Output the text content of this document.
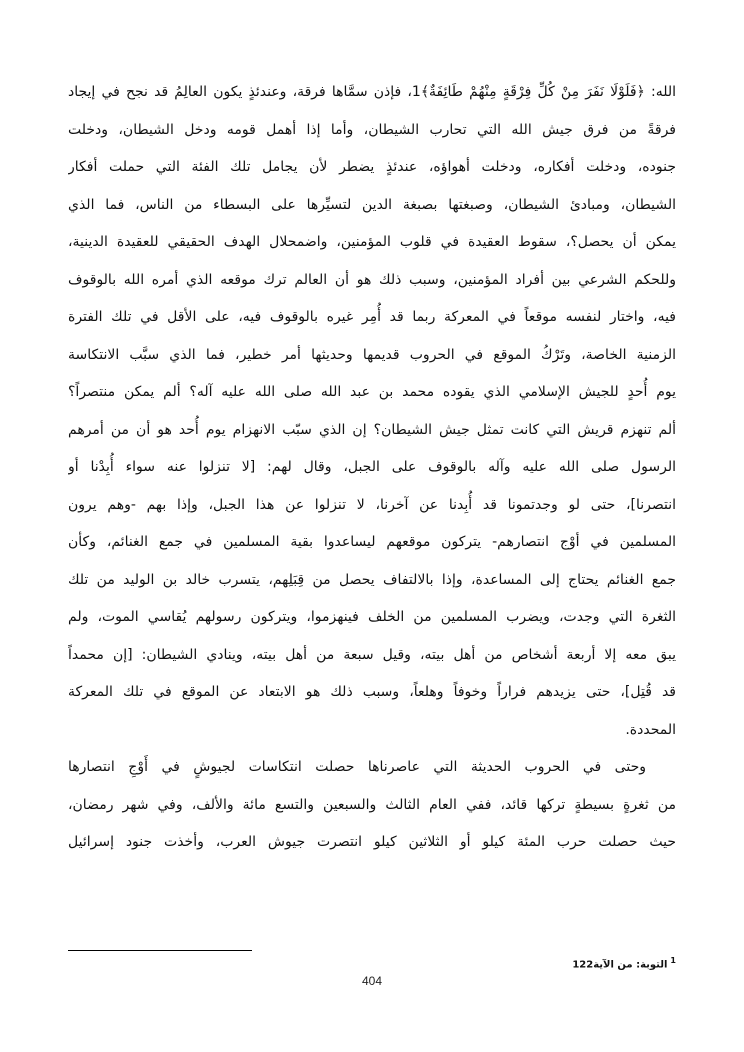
الله: ﴿فَلَوْلَا نَفَرَ مِنْ كُلِّ فِرْقَةٍ مِنْهُمْ طَائِفَةٌ﴾1، فإذن سمَّاها فرقة، وعندئذٍ يكون العالِمُ قد نجح في إيجاد
فرقةً من فرق جيش الله التي تحارب الشيطان، وأما إذا أهمل قومه ودخل الشيطان، ودخلت
جنوده، ودخلت أفكاره، ودخلت أهواؤه، عندئذٍ يضطر لأن يجامل تلك الفئة التي حملت أفكار
الشيطان، ومبادئ الشيطان، وصبغتها بصبغة الدين لتسيِّرها على البسطاء من الناس، فما الذي
يمكن أن يحصل؟، سقوط العقيدة في قلوب المؤمنين، واضمحلال الهدف الحقيقي للعقيدة الدينية،
وللحكم الشرعي بين أفراد المؤمنين، وسبب ذلك هو أن العالم ترك موقعه الذي أمره الله بالوقوف
فيه، واختار لنفسه موقعاً في المعركة ربما قد أُمِر غيره بالوقوف فيه، على الأقل في تلك الفترة
الزمنية الخاصة، وتَرْكُ الموقع في الحروب قديمها وحديثها أمر خطير، فما الذي سبَّب الانتكاسة
يوم أُحدٍ للجيش الإسلامي الذي يقوده محمد بن عبد الله صلى الله عليه آله؟ ألم يمكن منتصراً؟
ألم تنهزم قريش التي كانت تمثل جيش الشيطان؟ إن الذي سبّب الانهزام يوم أُحد هو أن من أمرهم
الرسول صلى الله عليه وآله بالوقوف على الجبل، وقال لهم: [لا تنزلوا عنه سواء أُبِدْنا أو
انتصرنا]، حتى لو وجدتمونا قد أُبِدنا عن آخرنا، لا تنزلوا عن هذا الجبل، وإذا بهم -وهم يرون
المسلمين في أوْج انتصارهم- يتركون موقعهم ليساعدوا بقية المسلمين في جمع الغنائم، وكأن
جمع الغنائم يحتاج إلى المساعدة، وإذا بالالتفاف يحصل من قِبَلِهم، يتسرب خالد بن الوليد من تلك
الثغرة التي وجدت، ويضرب المسلمين من الخلف فينهزموا، ويتركون رسولهم يُقاسي الموت، ولم
يبق معه إلا أربعة أشخاص من أهل بيته، وقيل سبعة من أهل بيته، وينادي الشيطان: [إن محمداً
قد قُتِل]، حتى يزيدهم فراراً وخوفاً وهلعاً، وسبب ذلك هو الابتعاد عن الموقع في تلك المعركة
المحددة.
وحتى في الحروب الحديثة التي عاصرناها حصلت انتكاسات لجيوشٍ في أَوْجِ انتصارها
من ثغرةٍ بسيطةٍ تركها قائد، ففي العام الثالث والسبعين والتسع مائة والألف، وفي شهر رمضان،
حيث حصلت حرب المئة كيلو أو الثلاثين كيلو انتصرت جيوش العرب، وأخذت جنود إسرائيل
$^1$التوبة: من الآية122
404
